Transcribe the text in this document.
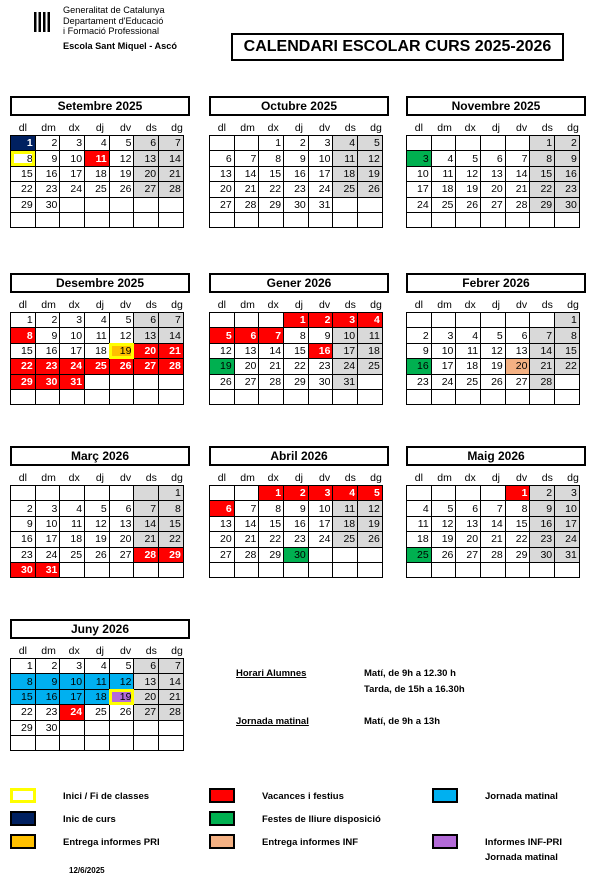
Generalitat de Catalunya
Departament d'Educació
i Formació Professional
Escola Sant Miquel - Ascó	CALENDARI ESCOLAR CURS 2025-2026
Setembre 2025
dl	dm	dx	dj	dv	ds	dg
1	2	3	4	5	6	7
8	9	10	11	12	13	14
15	16	17	18	19	20	21
22	23	24	25	26	27	28
29	30					

Octubre 2025
dl	dm	dx	dj	dv	ds	dg
		1	2	3	4	5
6	7	8	9	10	11	12
13	14	15	16	17	18	19
20	21	22	23	24	25	26
27	28	29	30	31		

Novembre 2025
dl	dm	dx	dj	dv	ds	dg
					1	2
3	4	5	6	7	8	9
10	11	12	13	14	15	16
17	18	19	20	21	22	23
24	25	26	27	28	29	30

Desembre 2025
dl	dm	dx	dj	dv	ds	dg
1	2	3	4	5	6	7
8	9	10	11	12	13	14
15	16	17	18	19	20	21
22	23	24	25	26	27	28
29	30	31				

Gener 2026
dl	dm	dx	dj	dv	ds	dg
			1	2	3	4
5	6	7	8	9	10	11
12	13	14	15	16	17	18
19	20	21	22	23	24	25
26	27	28	29	30	31	

Febrer 2026
dl	dm	dx	dj	dv	ds	dg
						1
2	3	4	5	6	7	8
9	10	11	12	13	14	15
16	17	18	19	20	21	22
23	24	25	26	27	28	

Març 2026
dl	dm	dx	dj	dv	ds	dg
						1
2	3	4	5	6	7	8
9	10	11	12	13	14	15
16	17	18	19	20	21	22
23	24	25	26	27	28	29
30	31					
Abril 2026
dl	dm	dx	dj	dv	ds	dg
		1	2	3	4	5
6	7	8	9	10	11	12
13	14	15	16	17	18	19
20	21	22	23	24	25	26
27	28	29	30			

Maig 2026
dl	dm	dx	dj	dv	ds	dg
				1	2	3
4	5	6	7	8	9	10
11	12	13	14	15	16	17
18	19	20	21	22	23	24
25	26	27	28	29	30	31

Juny 2026
dl	dm	dx	dj	dv	ds	dg
1	2	3	4	5	6	7
8	9	10	11	12	13	14
15	16	17	18	19	20	21
22	23	24	25	26	27	28
29	30					

Horari Alumnes	Matí, de 9h a 12.30 h
Tarda, de 15h a 16.30h
Jornada matinal	Matí, de 9h a 13h
Inici / Fi de classes
Inic de curs
Entrega informes PRI
Vacances i festius
Festes de lliure disposició
Entrega informes INF
Jornada matinal
Informes INF-PRI
Jornada matinal
12/6/2025
